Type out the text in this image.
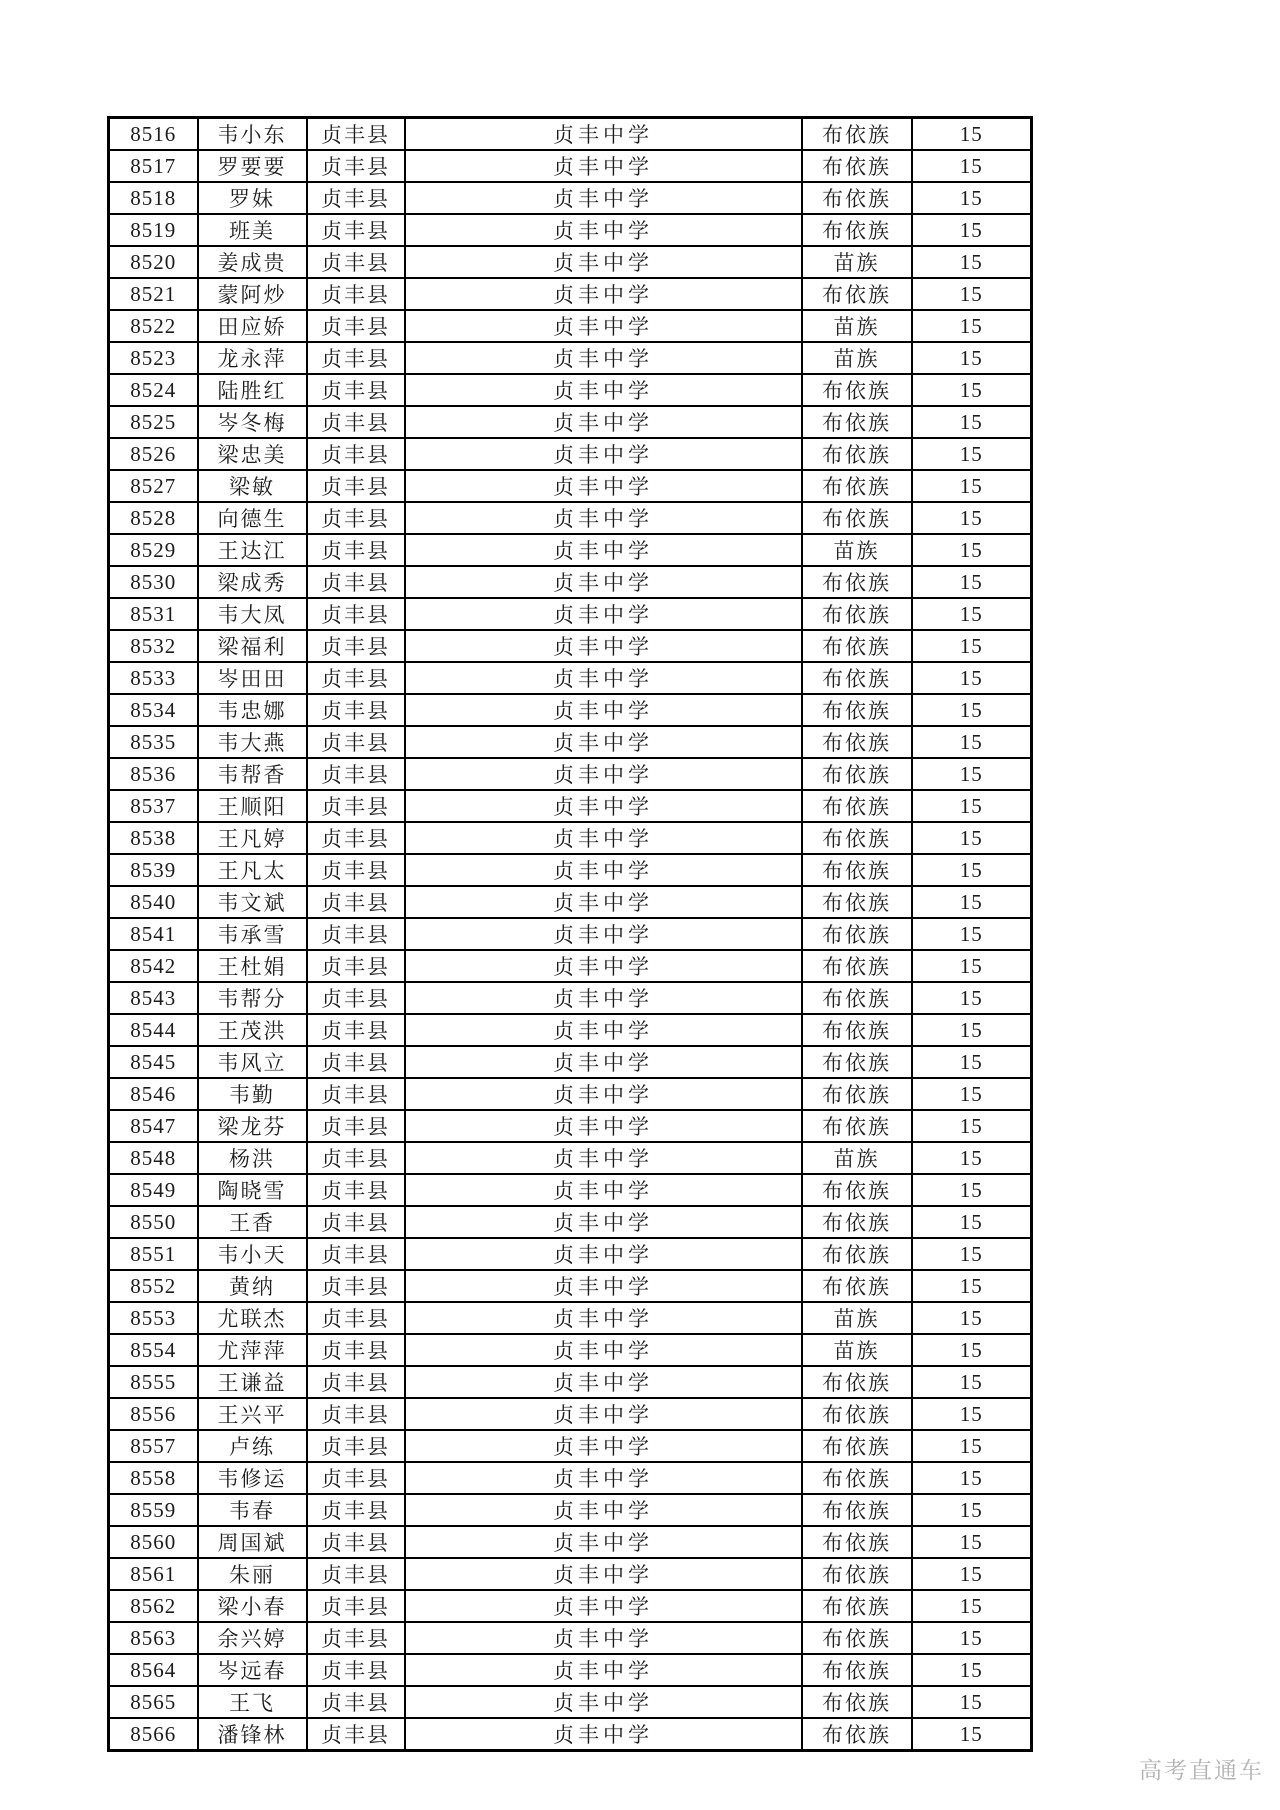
8516	韦小东	贞丰县	贞丰中学	布依族	15
8517	罗要要	贞丰县	贞丰中学	布依族	15
8518	罗妹	贞丰县	贞丰中学	布依族	15
8519	班美	贞丰县	贞丰中学	布依族	15
8520	姜成贵	贞丰县	贞丰中学	苗族	15
8521	蒙阿炒	贞丰县	贞丰中学	布依族	15
8522	田应娇	贞丰县	贞丰中学	苗族	15
8523	龙永萍	贞丰县	贞丰中学	苗族	15
8524	陆胜红	贞丰县	贞丰中学	布依族	15
8525	岑冬梅	贞丰县	贞丰中学	布依族	15
8526	梁忠美	贞丰县	贞丰中学	布依族	15
8527	梁敏	贞丰县	贞丰中学	布依族	15
8528	向德生	贞丰县	贞丰中学	布依族	15
8529	王达江	贞丰县	贞丰中学	苗族	15
8530	梁成秀	贞丰县	贞丰中学	布依族	15
8531	韦大凤	贞丰县	贞丰中学	布依族	15
8532	梁福利	贞丰县	贞丰中学	布依族	15
8533	岑田田	贞丰县	贞丰中学	布依族	15
8534	韦忠娜	贞丰县	贞丰中学	布依族	15
8535	韦大燕	贞丰县	贞丰中学	布依族	15
8536	韦帮香	贞丰县	贞丰中学	布依族	15
8537	王顺阳	贞丰县	贞丰中学	布依族	15
8538	王凡婷	贞丰县	贞丰中学	布依族	15
8539	王凡太	贞丰县	贞丰中学	布依族	15
8540	韦文斌	贞丰县	贞丰中学	布依族	15
8541	韦承雪	贞丰县	贞丰中学	布依族	15
8542	王杜娟	贞丰县	贞丰中学	布依族	15
8543	韦帮分	贞丰县	贞丰中学	布依族	15
8544	王茂洪	贞丰县	贞丰中学	布依族	15
8545	韦风立	贞丰县	贞丰中学	布依族	15
8546	韦勤	贞丰县	贞丰中学	布依族	15
8547	梁龙芬	贞丰县	贞丰中学	布依族	15
8548	杨洪	贞丰县	贞丰中学	苗族	15
8549	陶晓雪	贞丰县	贞丰中学	布依族	15
8550	王香	贞丰县	贞丰中学	布依族	15
8551	韦小天	贞丰县	贞丰中学	布依族	15
8552	黄纳	贞丰县	贞丰中学	布依族	15
8553	尤联杰	贞丰县	贞丰中学	苗族	15
8554	尤萍萍	贞丰县	贞丰中学	苗族	15
8555	王谦益	贞丰县	贞丰中学	布依族	15
8556	王兴平	贞丰县	贞丰中学	布依族	15
8557	卢练	贞丰县	贞丰中学	布依族	15
8558	韦修运	贞丰县	贞丰中学	布依族	15
8559	韦春	贞丰县	贞丰中学	布依族	15
8560	周国斌	贞丰县	贞丰中学	布依族	15
8561	朱丽	贞丰县	贞丰中学	布依族	15
8562	梁小春	贞丰县	贞丰中学	布依族	15
8563	余兴婷	贞丰县	贞丰中学	布依族	15
8564	岑远春	贞丰县	贞丰中学	布依族	15
8565	王飞	贞丰县	贞丰中学	布依族	15
8566	潘锋林	贞丰县	贞丰中学	布依族	15
高考直通车
